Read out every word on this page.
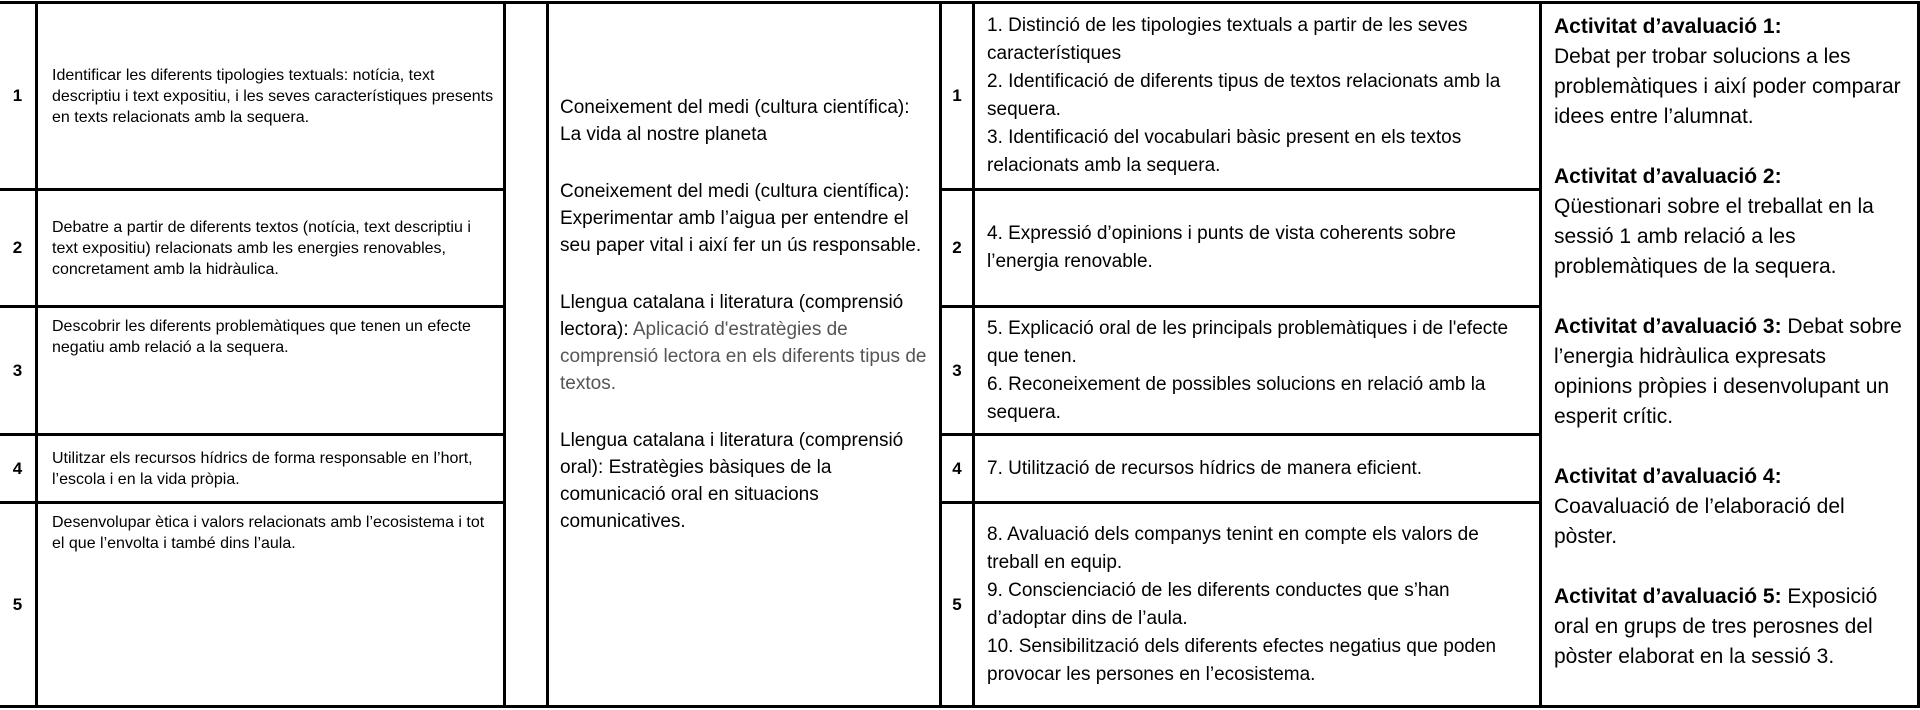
1
2
3
4
5
Identificar les diferents tipologies textuals: notícia, text descriptiu i text expositiu, i les seves característiques presents en texts relacionats amb la sequera.
Debatre a partir de diferents textos (notícia, text descriptiu i text expositiu) relacionats amb les energies renovables, concretament amb la hidràulica.
Descobrir les diferents problemàtiques que tenen un efecte negatiu amb relació a la sequera.
Utilitzar els recursos hídrics de forma responsable en l’hort, l’escola i en la vida pròpia.
Desenvolupar ètica i valors relacionats amb l’ecosistema i tot el que l’envolta i també dins l’aula.

Coneixement del medi (cultura científica): La vida al nostre planeta

Coneixement del medi (cultura científica): Experimentar amb l’aigua per entendre el seu paper vital i així fer un ús responsable.

Llengua catalana i literatura (comprensió lectora): Aplicació d'estratègies de comprensió lectora en els diferents tipus de textos.

Llengua catalana i literatura (comprensió oral): Estratègies bàsiques de la comunicació oral en situacions comunicatives.

1
2
3
4
5
1. Distinció de les tipologies textuals a partir de les seves característiques
2. Identificació de diferents tipus de textos relacionats amb la sequera.
3. Identificació del vocabulari bàsic present en els textos relacionats amb la sequera.
4. Expressió d’opinions i punts de vista coherents sobre l’energia renovable.
5. Explicació oral de les principals problemàtiques i de l'efecte que tenen.
6. Reconeixement de possibles solucions en relació amb la sequera.
7. Utilització de recursos hídrics de manera eficient.
8. Avaluació dels companys tenint en compte els valors de treball en equip.
9. Conscienciació de les diferents conductes que s’han d’adoptar dins de l’aula.
10. Sensibilització dels diferents efectes negatius que poden provocar les persones en l’ecosistema.

Activitat d’avaluació 1:
Debat per trobar solucions a les problemàtiques i així poder comparar idees entre l’alumnat.

Activitat d’avaluació 2:
Qüestionari sobre el treballat en la sessió 1 amb relació a les problemàtiques de la sequera.

Activitat d’avaluació 3: Debat sobre l’energia hidràulica expresats opinions pròpies i desenvolupant un esperit crític.

Activitat d’avaluació 4:
Coavaluació de l’elaboració del pòster.

Activitat d’avaluació 5: Exposició oral en grups de tres perosnes del pòster elaborat en la sessió 3.
